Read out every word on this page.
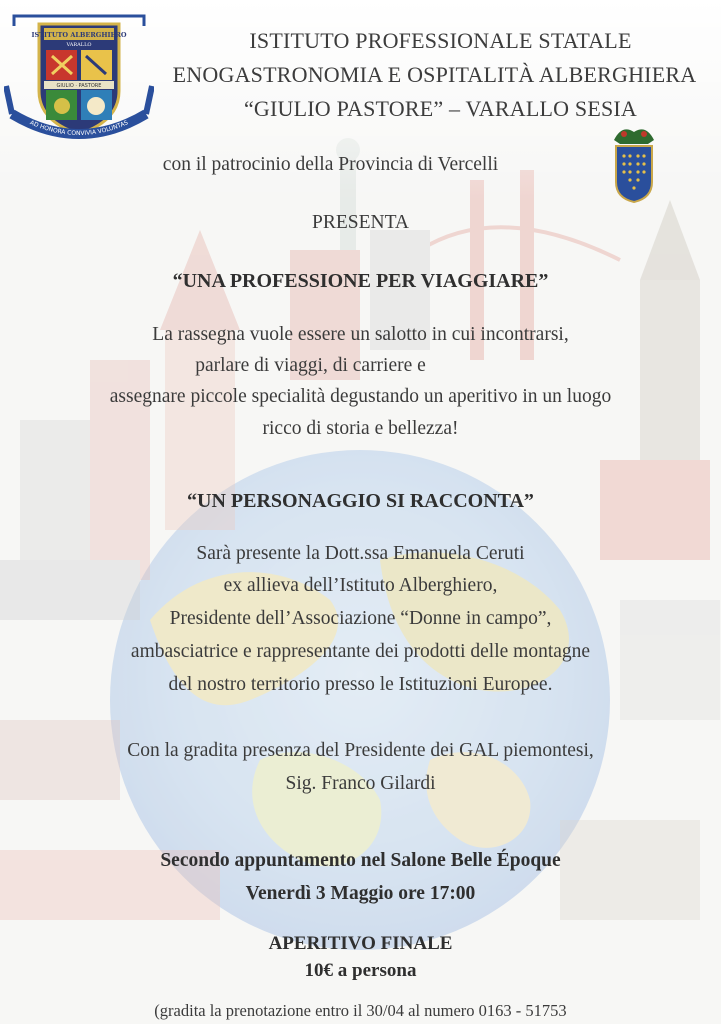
ISTITUTO ALBERGHIERO
VARALLO
GIULIO · PASTORE
AD HONORA CONVIVIA VOLUNTAS
ISTITUTO PROFESSIONALE STATALE
ENOGASTRONOMIA E OSPITALITÀ ALBERGHIERA
“GIULIO PASTORE” – VARALLO SESIA
con il patrocinio della Provincia di Vercelli
PRESENTA
“UNA PROFESSIONE PER VIAGGIARE”
La rassegna vuole essere un salotto in cui incontrarsi,
parlare di viaggi, di carriere e
assegnare piccole specialità degustando un aperitivo in un luogo
ricco di storia e bellezza!
“UN PERSONAGGIO SI RACCONTA”
Sarà presente la Dott.ssa Emanuela Ceruti
ex allieva dell’Istituto Alberghiero,
Presidente dell’Associazione “Donne in campo”,
ambasciatrice e rappresentante dei prodotti delle montagne
del nostro territorio presso le Istituzioni Europee.
Con la gradita presenza del Presidente dei GAL piemontesi,
Sig. Franco Gilardi
Secondo appuntamento nel Salone Belle Époque
Venerdì 3 Maggio ore 17:00
APERITIVO FINALE
10€ a persona
(gradita la prenotazione entro il 30/04 al numero 0163 - 51753
